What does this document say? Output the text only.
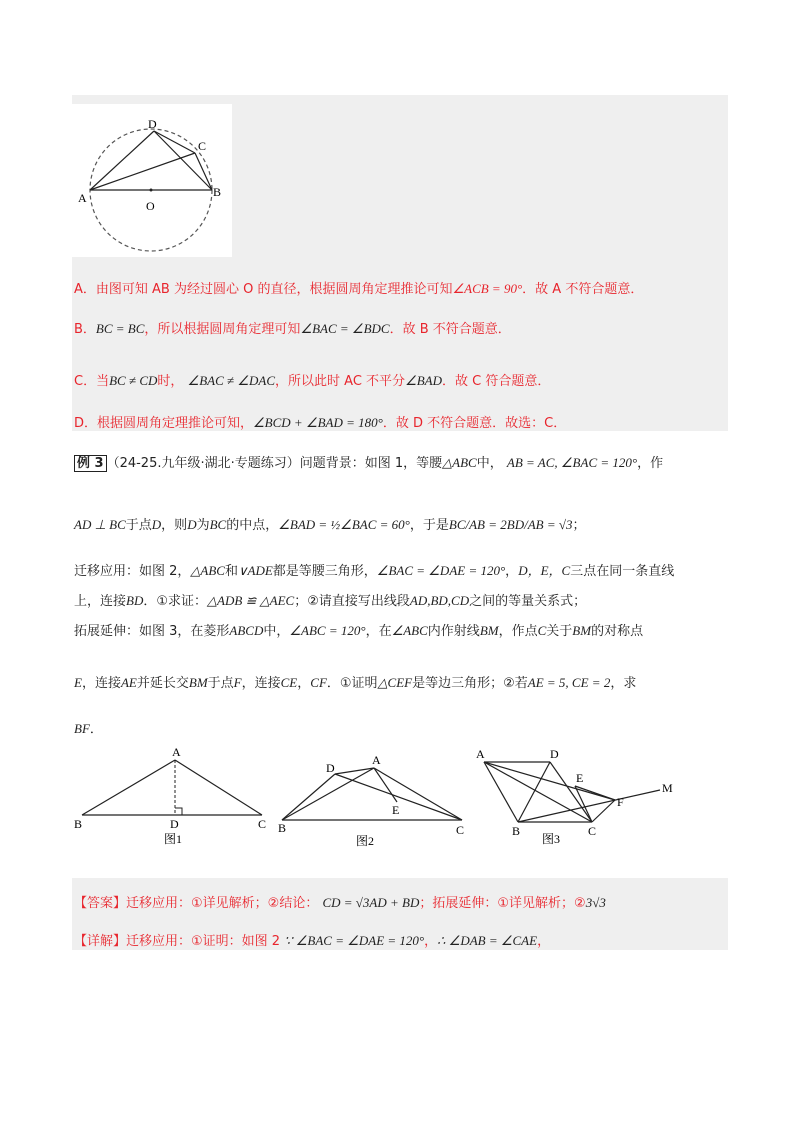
D
C
A	B
O
A．由图可知 AB 为经过圆心 O 的直径，根据圆周角定理推论可知∠ACB = 90°．故 A 不符合题意．
B．BC = BC，所以根据圆周角定理可知∠BAC = ∠BDC．故 B 不符合题意．
C．当BC ≠ CD时， ∠BAC ≠ ∠DAC，所以此时 AC 不平分∠BAD．故 C 符合题意．
D．根据圆周角定理推论可知，∠BCD + ∠BAD = 180°．故 D 不符合题意．故选：C．
例 3 （24-25.九年级·湖北·专题练习）问题背景：如图 1，等腰△ABC中， AB = AC, ∠BAC = 120°，作
AD ⊥ BC于点D，则D为BC的中点，∠BAD = ½∠BAC = 60°，于是BC/AB = 2BD/AB = √3；
迁移应用：如图 2，△ABC和∨ADE都是等腰三角形，∠BAC = ∠DAE = 120°，D，E，C三点在同一条直线
上，连接BD．①求证：△ADB ≌ △AEC；②请直接写出线段AD,BD,CD之间的等量关系式；
拓展延伸：如图 3，在菱形ABCD中，∠ABC = 120°，在∠ABC内作射线BM，作点C关于BM的对称点
E，连接AE并延长交BM于点F，连接CE，CF．①证明△CEF是等边三角形；②若AE = 5, CE = 2，求
BF．
A
B	C
D
图1
A
D
E
B	C
图2
A	D
E
F
M
B	C
图3
【答案】迁移应用：①详见解析；②结论： CD = √3AD + BD；拓展延伸：①详见解析；②3√3
【详解】迁移应用：①证明：如图 2 ∵ ∠BAC = ∠DAE = 120°，∴ ∠DAB = ∠CAE，
